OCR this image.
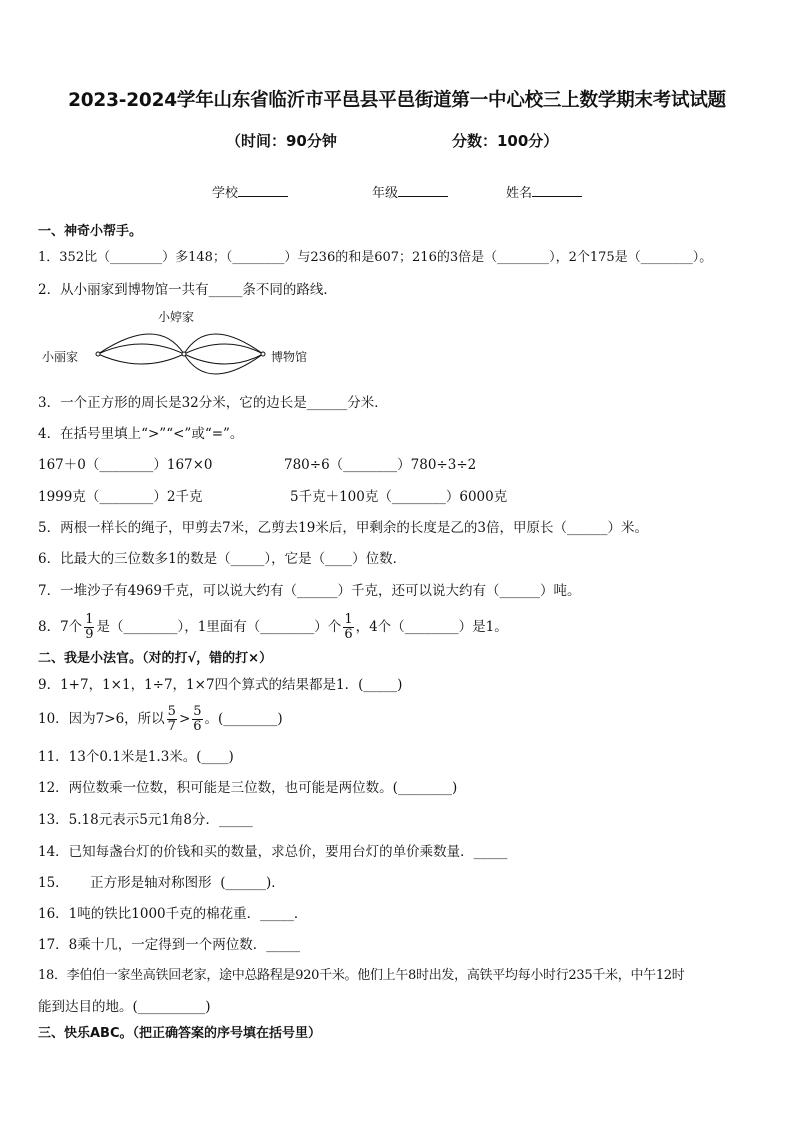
2023-2024学年山东省临沂市平邑县平邑街道第一中心校三上数学期末考试试题
（时间：90分钟	分数：100分）
学校	年级	姓名
一、神奇小帮手。
1．352比（________）多148；（________）与236的和是607；216的3倍是（________），2个175是（________）。
2．从小丽家到博物馆一共有_____条不同的路线．
小丽家
小婷家
博物馆
3．一个正方形的周长是32分米，它的边长是______分米．
4．在括号里填上“>”“<”或“=”。
167＋0（________）167×0	780÷6（________）780÷3÷2
1999克（________）2千克	5千克＋100克（________）6000克
5．两根一样长的绳子，甲剪去7米，乙剪去19米后，甲剩余的长度是乙的3倍，甲原长（______）米。
6．比最大的三位数多1的数是（_____），它是（____）位数．
7．一堆沙子有4969千克，可以说大约有（______）千克，还可以说大约有（______）吨。
8．7个 $\frac{1}{9}$ 是（________），1里面有（________）个 $\frac{1}{6}$ ，4个（________）是1。
二、我是小法官。（对的打√，错的打×）
9．1+7，1×1，1÷7，1×7四个算式的结果都是1．(_____)
10．因为7>6，所以 $\frac{5}{7} > \frac{5}{6}$ 。(________)
11．13个0.1米是1.3米。(____)
12．两位数乘一位数，积可能是三位数，也可能是两位数。(________)
13．5.18元表示5元1角8分．_____
14．已知每盏台灯的价钱和买的数量，求总价，要用台灯的单价乘数量．_____
15．     正方形是轴对称图形  (______)．
16．1吨的铁比1000千克的棉花重．_____．
17．8乘十几，一定得到一个两位数．_____
18．李伯伯一家坐高铁回老家，途中总路程是920千米。他们上午8时出发，高铁平均每小时行235千米，中午12时
能到达目的地。(__________)
三、快乐ABC。（把正确答案的序号填在括号里）
